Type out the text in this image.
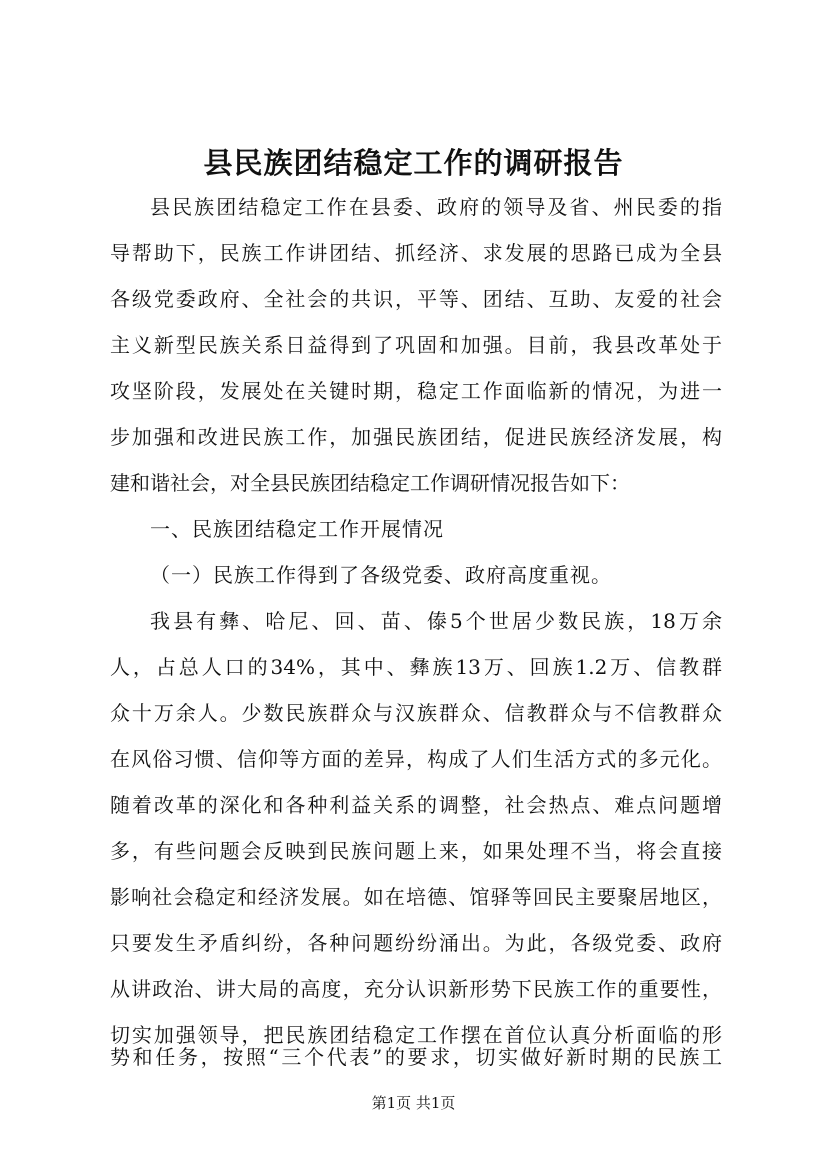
县民族团结稳定工作的调研报告
县民族团结稳定工作在县委、政府的领导及省、州民委的指
导帮助下，民族工作讲团结、抓经济、求发展的思路已成为全县
各级党委政府、全社会的共识，平等、团结、互助、友爱的社会
主义新型民族关系日益得到了巩固和加强。目前，我县改革处于
攻坚阶段，发展处在关键时期，稳定工作面临新的情况，为进一
步加强和改进民族工作，加强民族团结，促进民族经济发展，构
建和谐社会，对全县民族团结稳定工作调研情况报告如下：
一、民族团结稳定工作开展情况
（一）民族工作得到了各级党委、政府高度重视。
我县有彝、哈尼、回、苗、傣5个世居少数民族，18万余
人，占总人口的34%，其中、彝族13万、回族1.2万、信教群
众十万余人。少数民族群众与汉族群众、信教群众与不信教群众
在风俗习惯、信仰等方面的差异，构成了人们生活方式的多元化。
随着改革的深化和各种利益关系的调整，社会热点、难点问题增
多，有些问题会反映到民族问题上来，如果处理不当，将会直接
影响社会稳定和经济发展。如在培德、馆驿等回民主要聚居地区，
只要发生矛盾纠纷，各种问题纷纷涌出。为此，各级党委、政府
从讲政治、讲大局的高度，充分认识新形势下民族工作的重要性，
切实加强领导，把民族团结稳定工作摆在首位认真分析面临的形
势和任务，按照“三个代表”的要求，切实做好新时期的民族工
第1页 共1页
